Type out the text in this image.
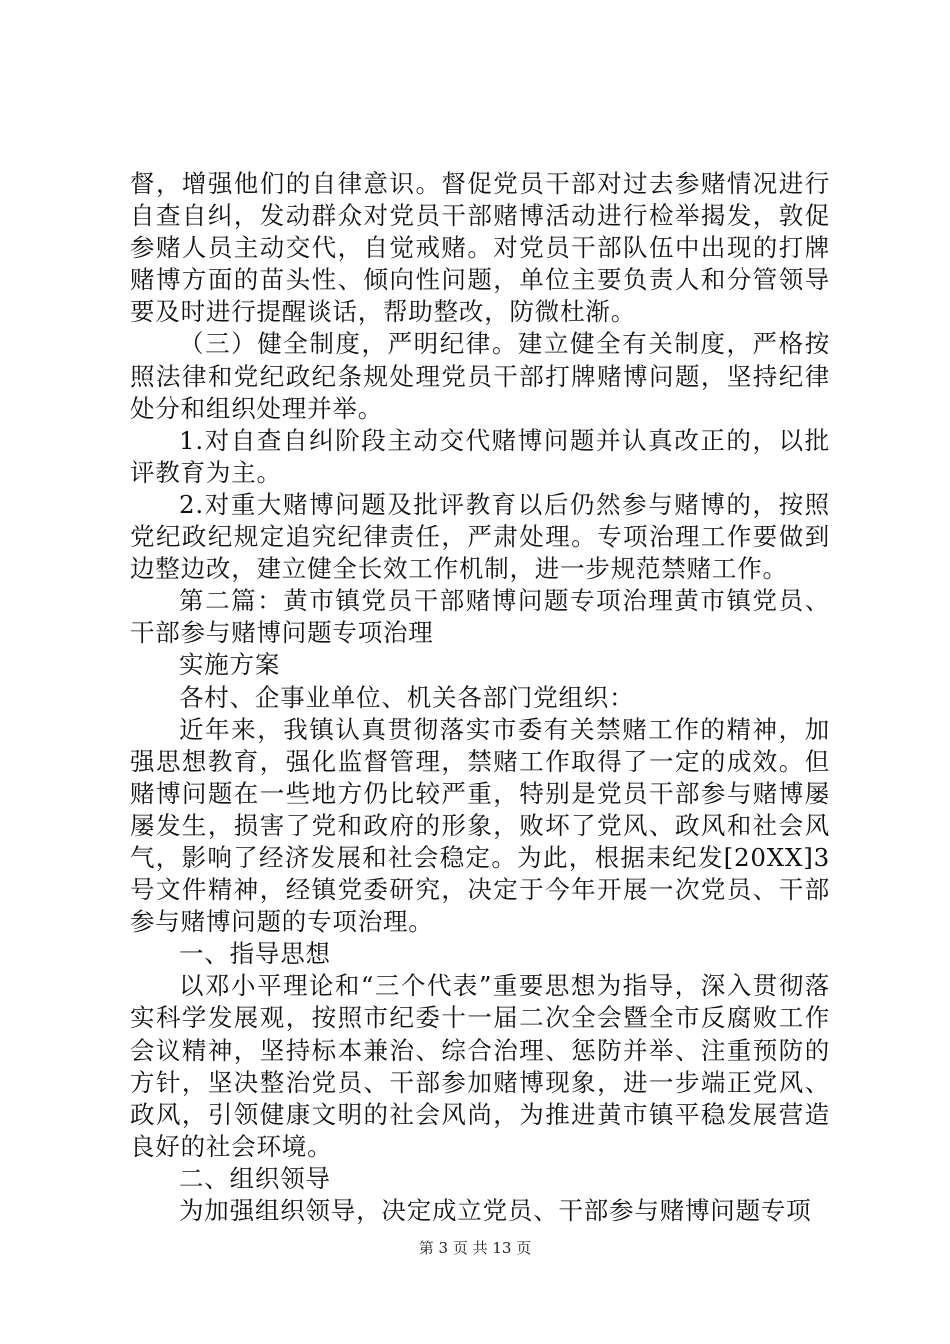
督，增强他们的自律意识。督促党员干部对过去参赌情况进行自查自纠，发动群众对党员干部赌博活动进行检举揭发，敦促参赌人员主动交代，自觉戒赌。对党员干部队伍中出现的打牌赌博方面的苗头性、倾向性问题，单位主要负责人和分管领导要及时进行提醒谈话，帮助整改，防微杜渐。

（三）健全制度，严明纪律。建立健全有关制度，严格按照法律和党纪政纪条规处理党员干部打牌赌博问题，坚持纪律处分和组织处理并举。

1.对自查自纠阶段主动交代赌博问题并认真改正的，以批评教育为主。

2.对重大赌博问题及批评教育以后仍然参与赌博的，按照党纪政纪规定追究纪律责任，严肃处理。专项治理工作要做到边整边改，建立健全长效工作机制，进一步规范禁赌工作。

第二篇：黄市镇党员干部赌博问题专项治理黄市镇党员、干部参与赌博问题专项治理

实施方案

各村、企事业单位、机关各部门党组织：

近年来，我镇认真贯彻落实市委有关禁赌工作的精神，加强思想教育，强化监督管理，禁赌工作取得了一定的成效。但赌博问题在一些地方仍比较严重，特别是党员干部参与赌博屡屡发生，损害了党和政府的形象，败坏了党风、政风和社会风气，影响了经济发展和社会稳定。为此，根据耒纪发[20XX]3号文件精神，经镇党委研究，决定于今年开展一次党员、干部参与赌博问题的专项治理。

一、指导思想

以邓小平理论和“三个代表”重要思想为指导，深入贯彻落实科学发展观，按照市纪委十一届二次全会暨全市反腐败工作会议精神，坚持标本兼治、综合治理、惩防并举、注重预防的方针，坚决整治党员、干部参加赌博现象，进一步端正党风、政风，引领健康文明的社会风尚，为推进黄市镇平稳发展营造良好的社会环境。

二、组织领导

为加强组织领导，决定成立党员、干部参与赌博问题专项

第 3 页 共 13 页
